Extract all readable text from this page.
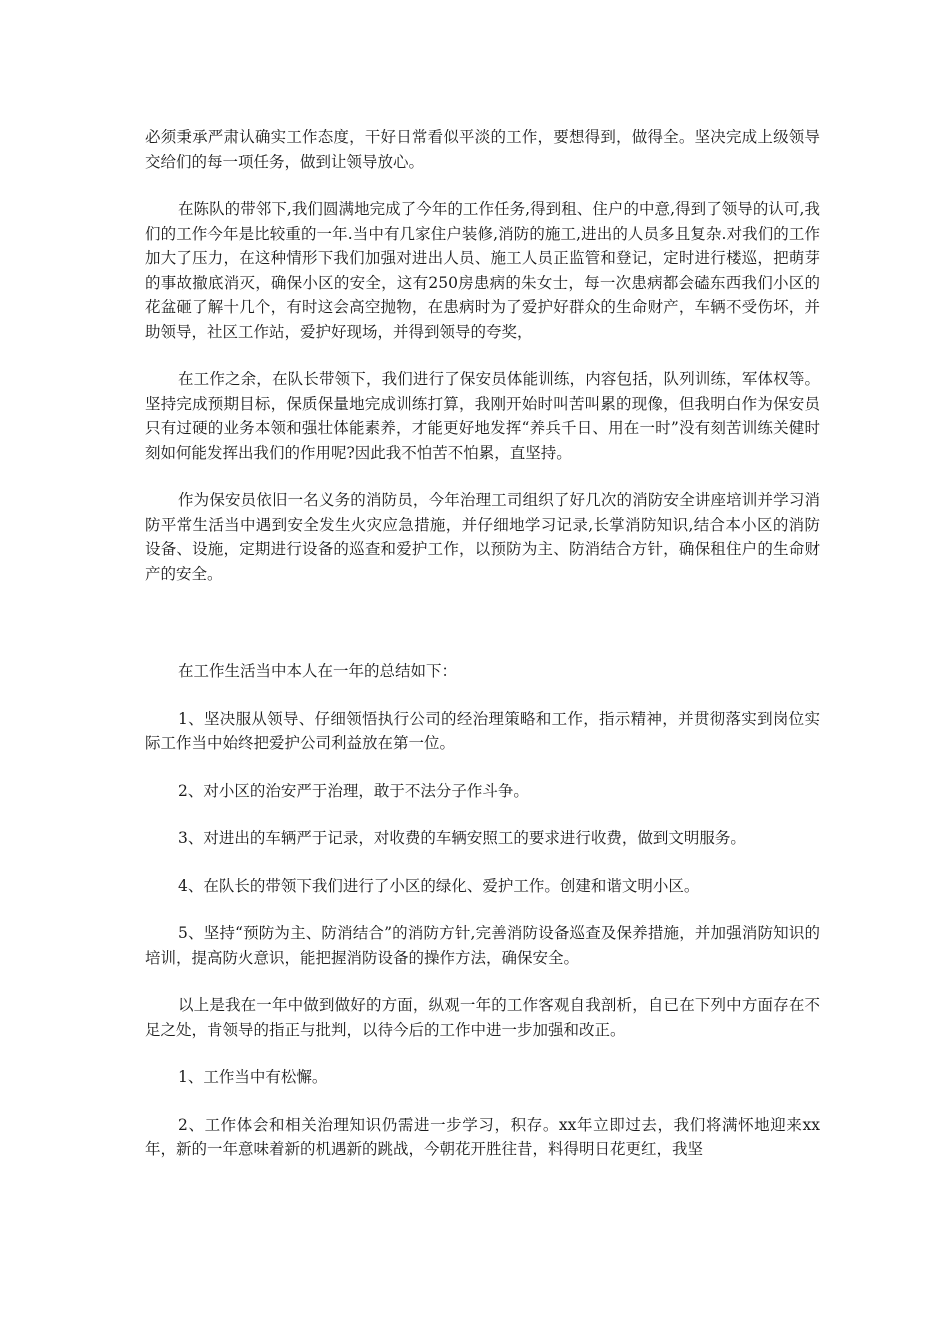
必须秉承严肃认确实工作态度，干好日常看似平淡的工作，要想得到，做得全。坚决完成上级领导交给们的每一项任务，做到让领导放心。

在陈队的带邻下,我们圆满地完成了今年的工作任务,得到租、住户的中意,得到了领导的认可,我们的工作今年是比较重的一年.当中有几家住户装修,消防的施工,进出的人员多且复杂.对我们的工作加大了压力，在这种情形下我们加强对进出人员、施工人员正监管和登记，定时进行楼巡，把萌芽的事故撤底消灭，确保小区的安全，这有250房患病的朱女士，每一次患病都会磕东西我们小区的花盆砸了解十几个，有时这会高空抛物，在患病时为了爱护好群众的生命财产，车辆不受伤坏，并 助领导，社区工作站，爱护好现场，并得到领导的夸奖，

在工作之余，在队长带领下，我们进行了保安员体能训练，内容包括，队列训练，军体权等。坚持完成预期目标，保质保量地完成训练打算，我刚开始时叫苦叫累的现像，但我明白作为保安员只有过硬的业务本领和强壮体能素养，才能更好地发挥“养兵千日、用在一时”没有刻苦训练关健时刻如何能发挥出我们的作用呢?因此我不怕苦不怕累，直坚持。

作为保安员依旧一名义务的消防员，今年治理工司组织了好几次的消防安全讲座培训并学习消防平常生活当中遇到安全发生火灾应急措施，并仔细地学习记录,长掌消防知识,结合本小区的消防设备、设施，定期进行设备的巡查和爱护工作，以预防为主、防消结合方针，确保租住户的生命财产的安全。

在工作生活当中本人在一年的总结如下：

1、坚决服从领导、仔细领悟执行公司的经治理策略和工作，指示精神，并贯彻落实到岗位实际工作当中始终把爱护公司利益放在第一位。

2、对小区的治安严于治理，敢于不法分子作斗争。

3、对进出的车辆严于记录，对收费的车辆安照工的要求进行收费，做到文明服务。

4、在队长的带领下我们进行了小区的绿化、爱护工作。创建和谐文明小区。

5、坚持“预防为主、防消结合”的消防方针,完善消防设备巡查及保养措施，并加强消防知识的培训，提高防火意识，能把握消防设备的操作方法，确保安全。

以上是我在一年中做到做好的方面，纵观一年的工作客观自我剖析，自已在下列中方面存在不足之处，肯领导的指正与批判，以待今后的工作中进一步加强和改正。

1、工作当中有松懈。

2、工作体会和相关治理知识仍需进一步学习，积存。xx年立即过去，我们将满怀地迎来xx年，新的一年意味着新的机遇新的跳战，今朝花开胜往昔，料得明日花更红，我坚
